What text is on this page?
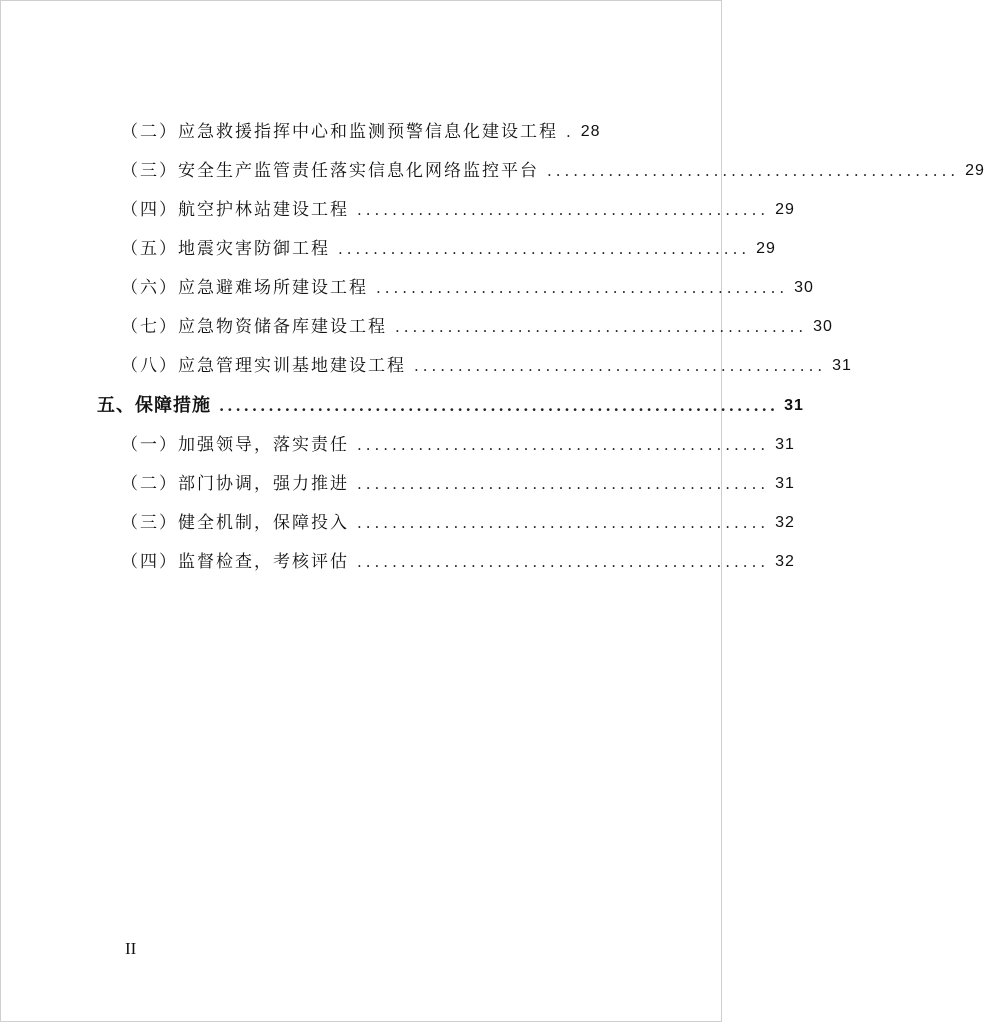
（二）应急救援指挥中心和监测预警信息化建设工程 . 28
（三）安全生产监管责任落实信息化网络监控平台 ............................................... 29
（四）航空护林站建设工程 ............................................... 29
（五）地震灾害防御工程 ............................................... 29
（六）应急避难场所建设工程 ............................................... 30
（七）应急物资储备库建设工程 ............................................... 30
（八）应急管理实训基地建设工程 ............................................... 31
五、保障措施 .................................................................... 31
（一）加强领导，落实责任 ............................................... 31
（二）部门协调，强力推进 ............................................... 31
（三）健全机制，保障投入 ............................................... 32
（四）监督检查，考核评估 ............................................... 32
II
